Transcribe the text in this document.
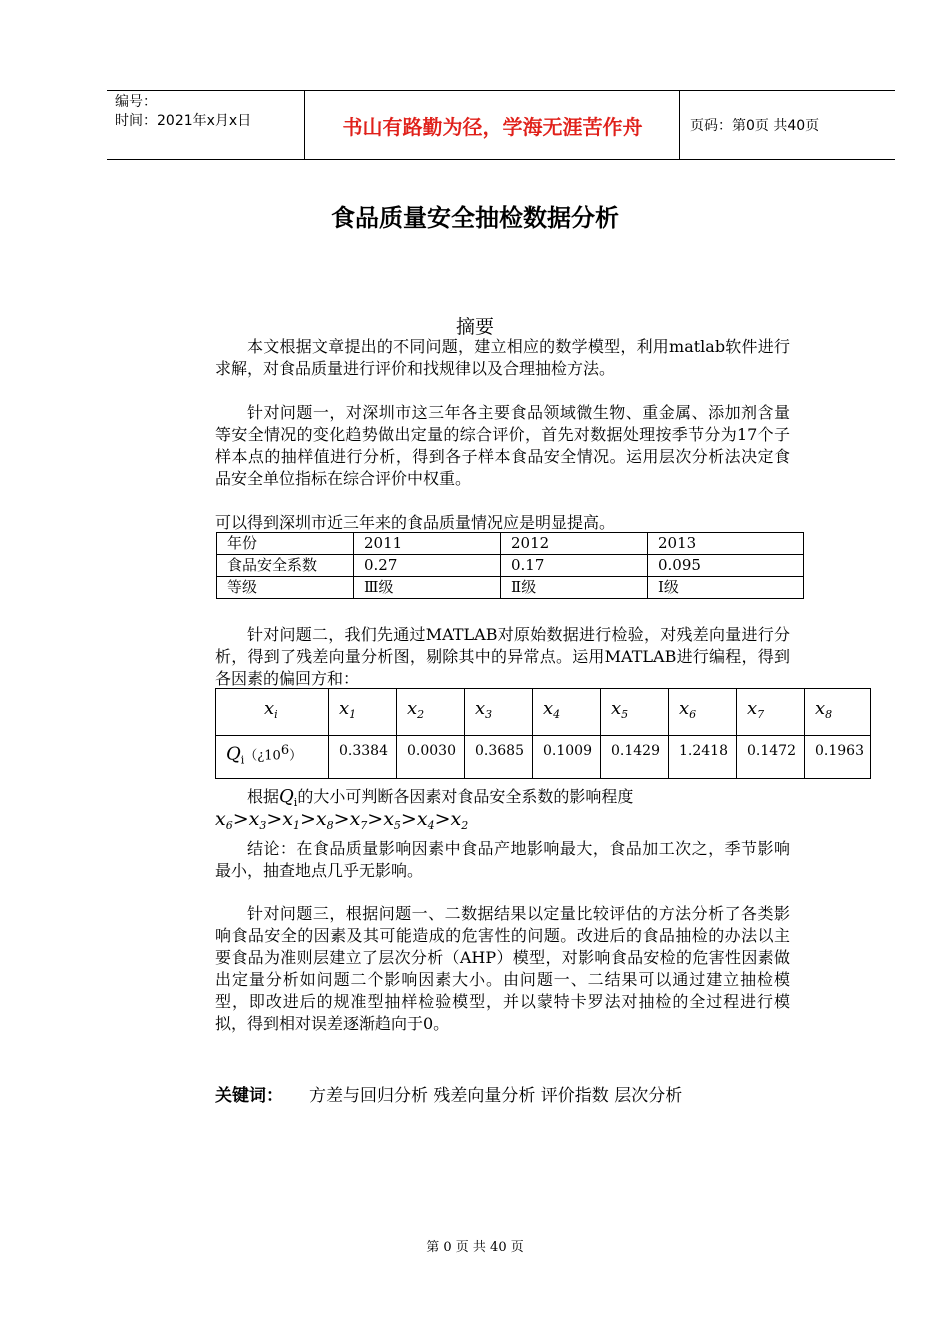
编号：
时间：2021年x月x日	书山有路勤为径，学海无涯苦作舟	页码：第0页 共40页
食品质量安全抽检数据分析
摘要
本文根据文章提出的不同问题，建立相应的数学模型，利用matlab软件进行求解，对食品质量进行评价和找规律以及合理抽检方法。
针对问题一，对深圳市这三年各主要食品领域微生物、重金属、添加剂含量等安全情况的变化趋势做出定量的综合评价，首先对数据处理按季节分为17个子样本点的抽样值进行分析，得到各子样本食品安全情况。运用层次分析法决定食品安全单位指标在综合评价中权重。
可以得到深圳市近三年来的食品质量情况应是明显提高。
年份	2011	2012	2013
食品安全系数	0.27	0.17	0.095
等级	Ⅲ级	Ⅱ级	Ⅰ级
针对问题二，我们先通过MATLAB对原始数据进行检验，对残差向量进行分析，得到了残差向量分析图，剔除其中的异常点。运用MATLAB进行编程，得到各因素的偏回方和：
$x_i$	$x_1$	$x_2$	$x_3$	$x_4$	$x_5$	$x_6$	$x_7$	$x_8$
$Q_i(¿10^6)$	0.3384	0.0030	0.3685	0.1009	0.1429	1.2418	0.1472	0.1963
根据$Q_i$的大小可判断各因素对食品安全系数的影响程度
$x_6>x_3>x_1>x_8>x_7>x_5>x_4>x_2$
结论：在食品质量影响因素中食品产地影响最大，食品加工次之，季节影响最小，抽查地点几乎无影响。
针对问题三，根据问题一、二数据结果以定量比较评估的方法分析了各类影响食品安全的因素及其可能造成的危害性的问题。改进后的食品抽检的办法以主要食品为准则层建立了层次分析（AHP）模型，对影响食品安检的危害性因素做出定量分析如问题二个影响因素大小。由问题一、二结果可以通过建立抽检模型，即改进后的规准型抽样检验模型，并以蒙特卡罗法对抽检的全过程进行模拟，得到相对误差逐渐趋向于0。
关键词： 方差与回归分析 残差向量分析 评价指数 层次分析
第 0 页 共 40 页
